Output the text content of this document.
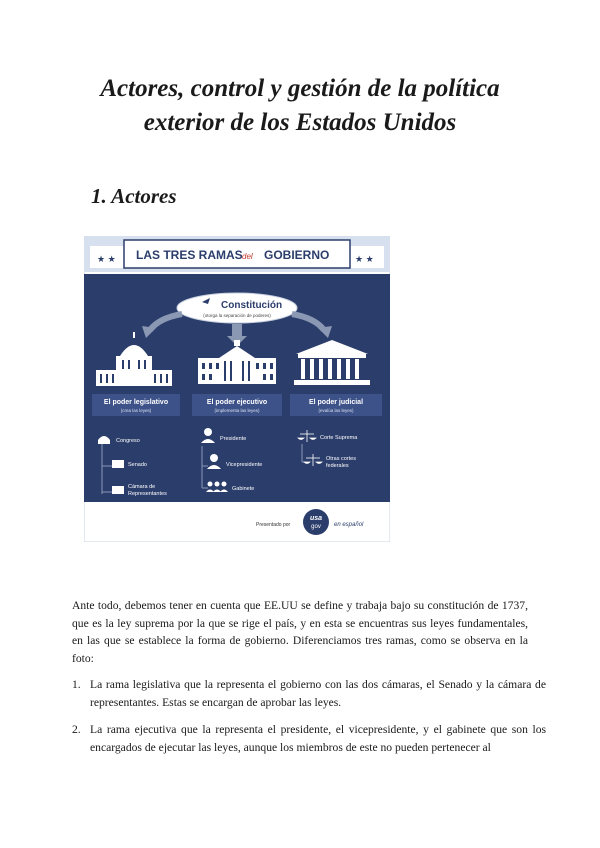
Actores, control y gestión de la política exterior de los Estados Unidos
1. Actores
★ ★	★ ★
LAS TRES RAMAS del GOBIERNO
Constitución
(otorga la separación de poderes)
El poder legislativo
(crea las leyes)
El poder ejecutivo
(implementa las leyes)
El poder judicial
(evalúa las leyes)
Congreso
Senado
Cámara de
Representantes
Presidente
Vicepresidente
Gabinete
Corte Suprema
Otras cortes
federales
Presentado por
usa
gov en español
Ante todo, debemos tener en cuenta que EE.UU se define y trabaja bajo su constitución de 1737, que es la ley suprema por la que se rige el país, y en esta se encuentras sus leyes fundamentales, en las que se establece la forma de gobierno. Diferenciamos tres ramas, como se observa en la foto:
1. La rama legislativa que la representa el gobierno con las dos cámaras, el Senado y la cámara de representantes. Estas se encargan de aprobar las leyes.
2. La rama ejecutiva que la representa el presidente, el vicepresidente, y el gabinete que son los encargados de ejecutar las leyes, aunque los miembros de este no pueden pertenecer al
